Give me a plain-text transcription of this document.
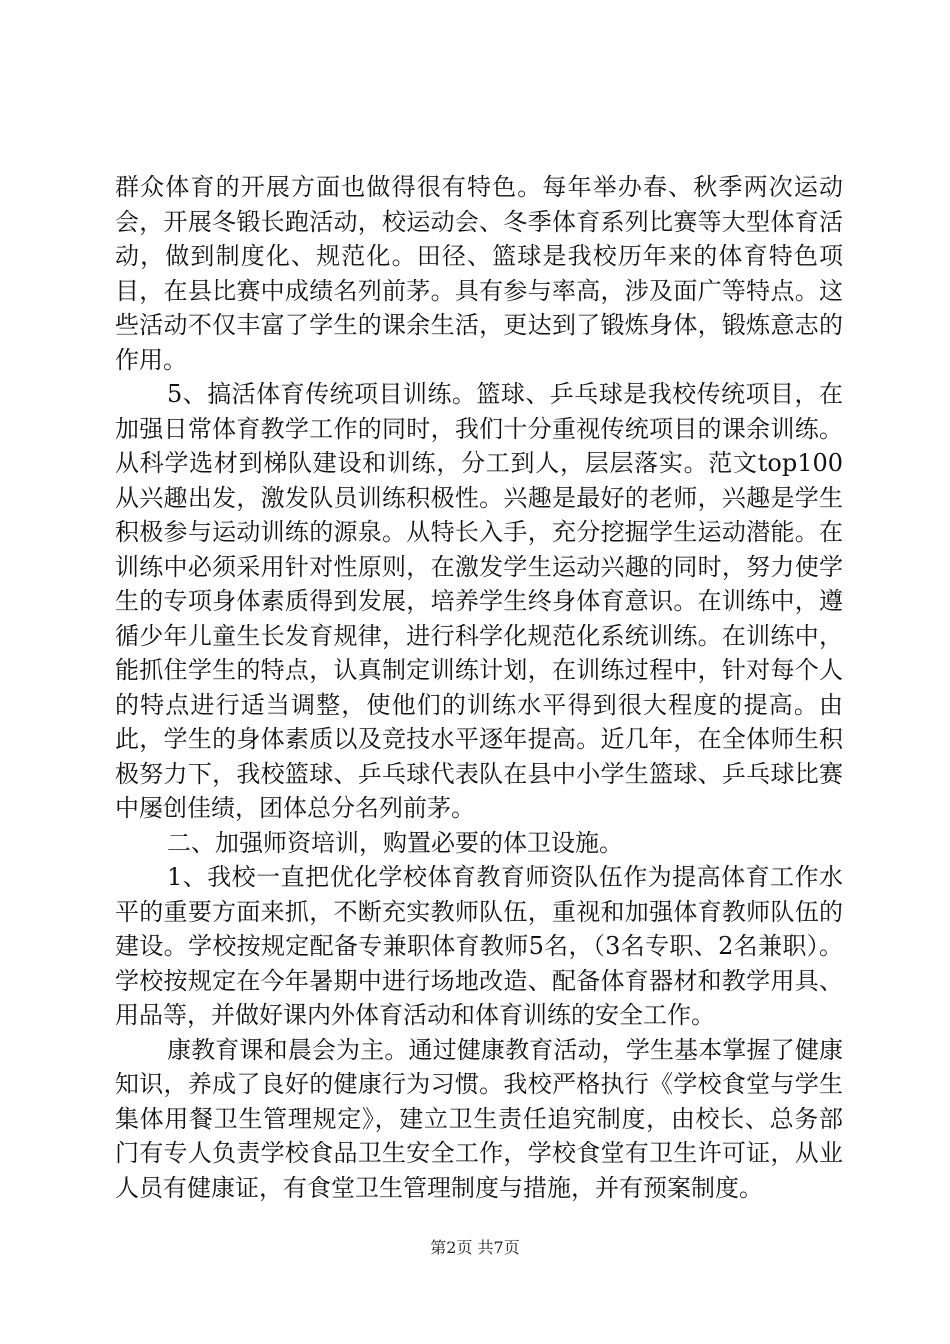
群众体育的开展方面也做得很有特色。每年举办春、秋季两次运动会，开展冬锻长跑活动，校运动会、冬季体育系列比赛等大型体育活动，做到制度化、规范化。田径、篮球是我校历年来的体育特色项目，在县比赛中成绩名列前茅。具有参与率高，涉及面广等特点。这些活动不仅丰富了学生的课余生活，更达到了锻炼身体，锻炼意志的作用。

5、搞活体育传统项目训练。篮球、乒乓球是我校传统项目，在加强日常体育教学工作的同时，我们十分重视传统项目的课余训练。从科学选材到梯队建设和训练，分工到人，层层落实。范文top100从兴趣出发，激发队员训练积极性。兴趣是最好的老师，兴趣是学生积极参与运动训练的源泉。从特长入手，充分挖掘学生运动潜能。在训练中必须采用针对性原则，在激发学生运动兴趣的同时，努力使学生的专项身体素质得到发展，培养学生终身体育意识。在训练中，遵循少年儿童生长发育规律，进行科学化规范化系统训练。在训练中，能抓住学生的特点，认真制定训练计划，在训练过程中，针对每个人的特点进行适当调整，使他们的训练水平得到很大程度的提高。由此，学生的身体素质以及竞技水平逐年提高。近几年，在全体师生积极努力下，我校篮球、乒乓球代表队在县中小学生篮球、乒乓球比赛中屡创佳绩，团体总分名列前茅。

二、加强师资培训，购置必要的体卫设施。

1、我校一直把优化学校体育教育师资队伍作为提高体育工作水平的重要方面来抓，不断充实教师队伍，重视和加强体育教师队伍的建设。学校按规定配备专兼职体育教师5名，（3名专职、2名兼职）。学校按规定在今年暑期中进行场地改造、配备体育器材和教学用具、用品等，并做好课内外体育活动和体育训练的安全工作。

康教育课和晨会为主。通过健康教育活动，学生基本掌握了健康知识，养成了良好的健康行为习惯。我校严格执行《学校食堂与学生集体用餐卫生管理规定》，建立卫生责任追究制度，由校长、总务部门有专人负责学校食品卫生安全工作，学校食堂有卫生许可证，从业人员有健康证，有食堂卫生管理制度与措施，并有预案制度。

第2页 共7页
